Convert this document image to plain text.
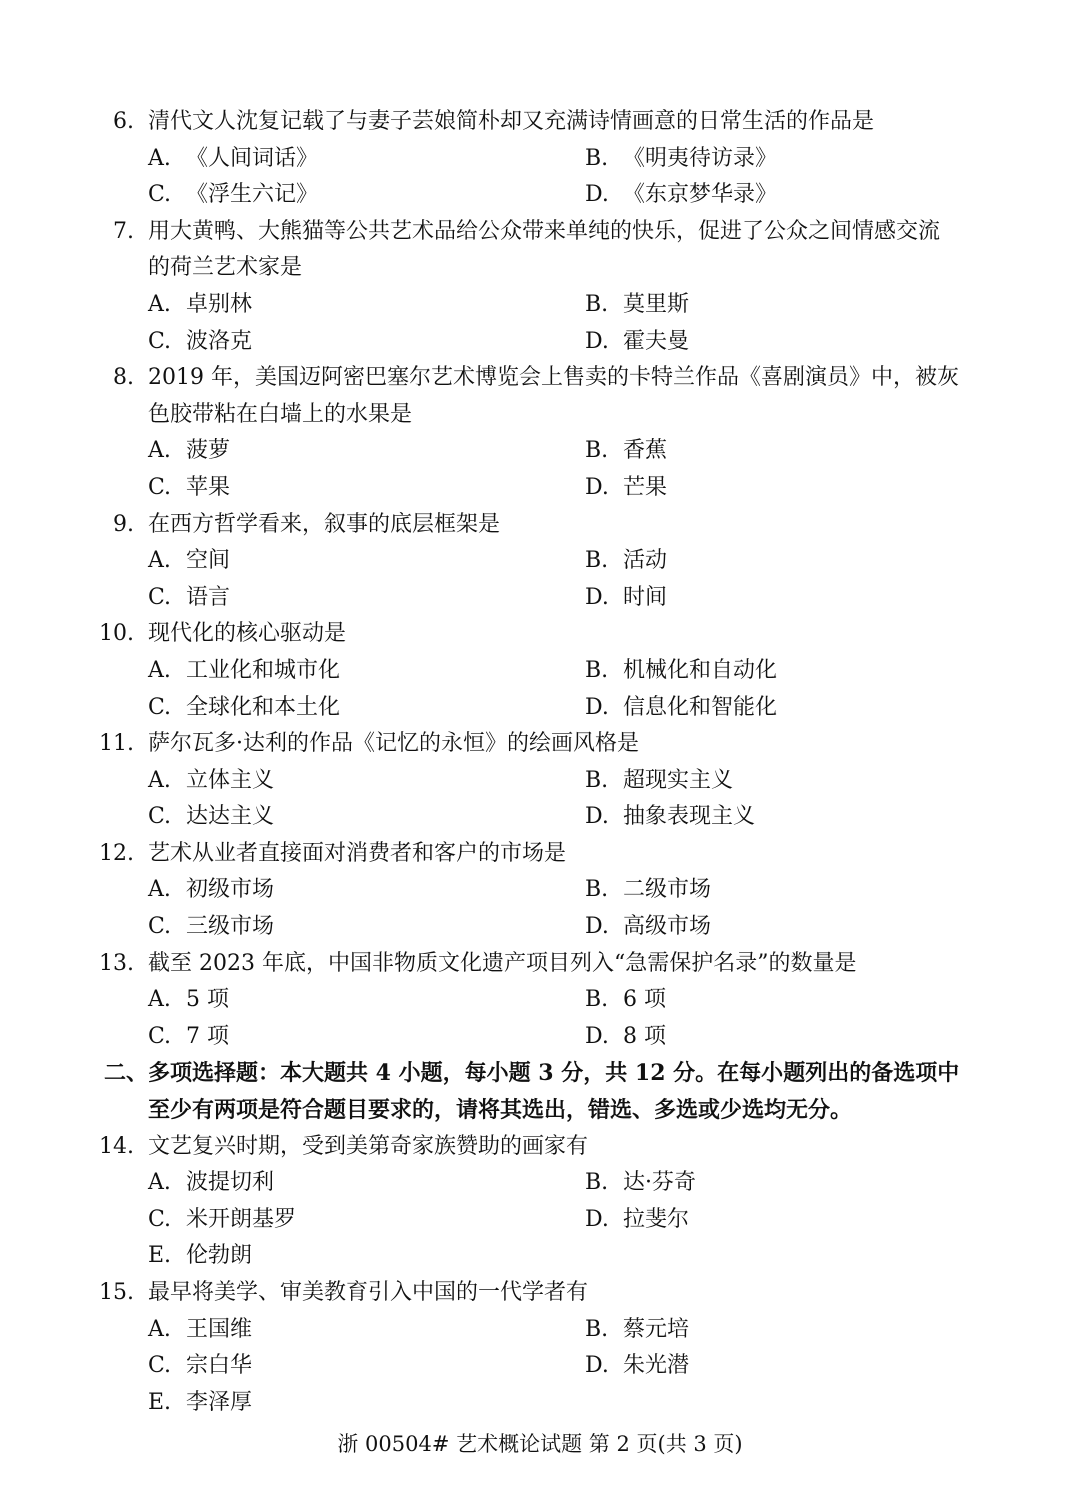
6. 清代文人沈复记载了与妻子芸娘简朴却又充满诗情画意的日常生活的作品是
A. 《人间词话》	B. 《明夷待访录》
C. 《浮生六记》	D. 《东京梦华录》
7. 用大黄鸭、大熊猫等公共艺术品给公众带来单纯的快乐，促进了公众之间情感交流
的荷兰艺术家是
A. 卓别林	B. 莫里斯
C. 波洛克	D. 霍夫曼
8. 2019 年，美国迈阿密巴塞尔艺术博览会上售卖的卡特兰作品《喜剧演员》中，被灰
色胶带粘在白墙上的水果是
A. 菠萝	B. 香蕉
C. 苹果	D. 芒果
9. 在西方哲学看来，叙事的底层框架是
A. 空间	B. 活动
C. 语言	D. 时间
10. 现代化的核心驱动是
A. 工业化和城市化	B. 机械化和自动化
C. 全球化和本土化	D. 信息化和智能化
11. 萨尔瓦多·达利的作品《记忆的永恒》的绘画风格是
A. 立体主义	B. 超现实主义
C. 达达主义	D. 抽象表现主义
12. 艺术从业者直接面对消费者和客户的市场是
A. 初级市场	B. 二级市场
C. 三级市场	D. 高级市场
13. 截至 2023 年底，中国非物质文化遗产项目列入“急需保护名录”的数量是
A. 5 项	B. 6 项
C. 7 项	D. 8 项
二、多项选择题：本大题共 4 小题，每小题 3 分，共 12 分。在每小题列出的备选项中
至少有两项是符合题目要求的，请将其选出，错选、多选或少选均无分。
14. 文艺复兴时期，受到美第奇家族赞助的画家有
A. 波提切利	B. 达·芬奇
C. 米开朗基罗	D. 拉斐尔
E. 伦勃朗
15. 最早将美学、审美教育引入中国的一代学者有
A. 王国维	B. 蔡元培
C. 宗白华	D. 朱光潜
E. 李泽厚
浙 00504# 艺术概论试题 第 2 页(共 3 页)
